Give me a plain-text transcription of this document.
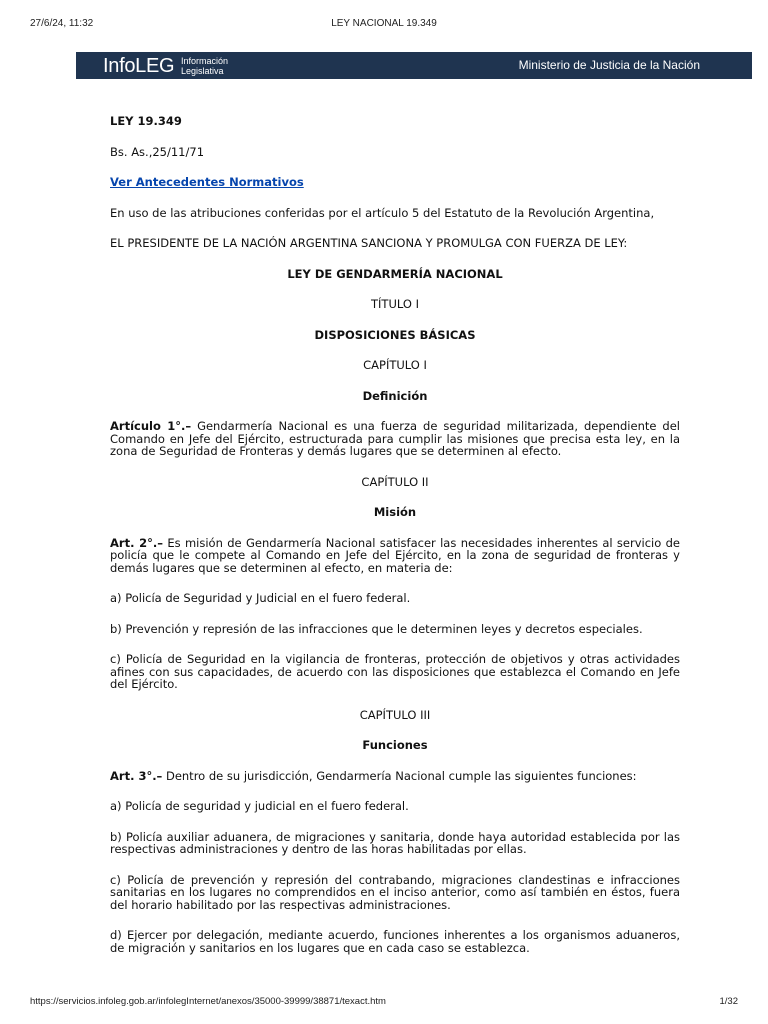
27/6/24, 11:32	LEY NACIONAL 19.349
InfoLEG Información
Legislativa	Ministerio de Justicia de la Nación

LEY 19.349

Bs. As.,25/11/71

Ver Antecedentes Normativos

En uso de las atribuciones conferidas por el artículo 5 del Estatuto de la Revolución Argentina,

EL PRESIDENTE DE LA NACIÓN ARGENTINA SANCIONA Y PROMULGA CON FUERZA DE LEY:

LEY DE GENDARMERÍA NACIONAL

TÍTULO I

DISPOSICIONES BÁSICAS

CAPÍTULO I

Definición

Artículo 1°.– Gendarmería Nacional es una fuerza de seguridad militarizada, dependiente del Comando en Jefe del Ejército, estructurada para cumplir las misiones que precisa esta ley, en la zona de Seguridad de Fronteras y demás lugares que se determinen al efecto.

CAPÍTULO II

Misión

Art. 2°.– Es misión de Gendarmería Nacional satisfacer las necesidades inherentes al servicio de policía que le compete al Comando en Jefe del Ejército, en la zona de seguridad de fronteras y demás lugares que se determinen al efecto, en materia de:

a) Policía de Seguridad y Judicial en el fuero federal.

b) Prevención y represión de las infracciones que le determinen leyes y decretos especiales.

c) Policía de Seguridad en la vigilancia de fronteras, protección de objetivos y otras actividades afines con sus capacidades, de acuerdo con las disposiciones que establezca el Comando en Jefe del Ejército.

CAPÍTULO III

Funciones

Art. 3°.– Dentro de su jurisdicción, Gendarmería Nacional cumple las siguientes funciones:

a) Policía de seguridad y judicial en el fuero federal.

b) Policía auxiliar aduanera, de migraciones y sanitaria, donde haya autoridad establecida por las respectivas administraciones y dentro de las horas habilitadas por ellas.

c) Policía de prevención y represión del contrabando, migraciones clandestinas e infracciones sanitarias en los lugares no comprendidos en el inciso anterior, como así también en éstos, fuera del horario habilitado por las respectivas administraciones.

d) Ejercer por delegación, mediante acuerdo, funciones inherentes a los organismos aduaneros, de migración y sanitarios en los lugares que en cada caso se establezca.

https://servicios.infoleg.gob.ar/infolegInternet/anexos/35000-39999/38871/texact.htm	1/32
